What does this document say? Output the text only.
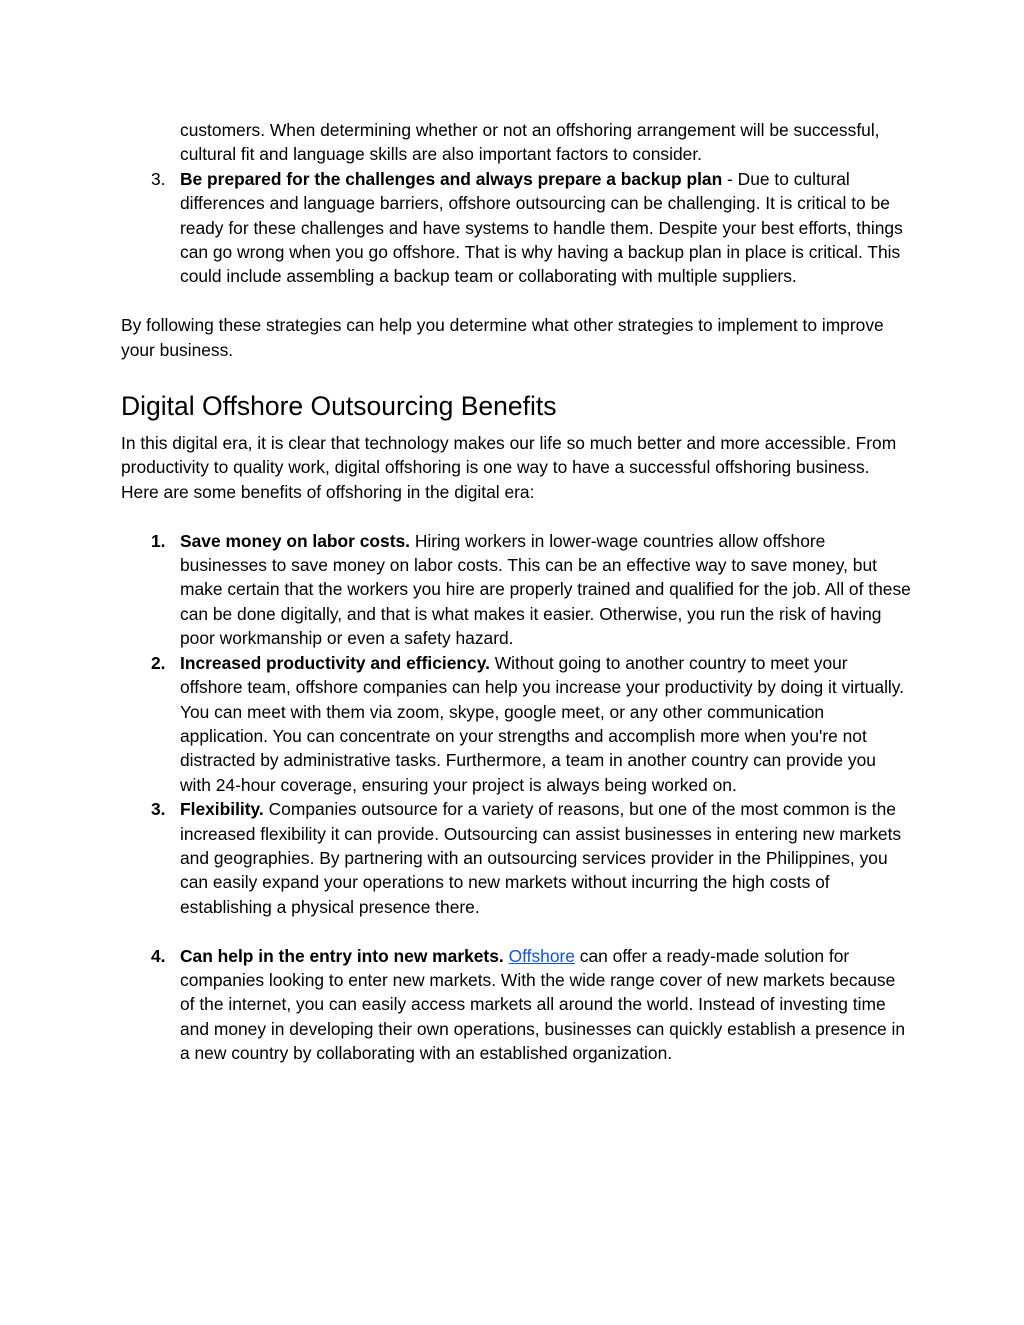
customers. When determining whether or not an offshoring arrangement will be successful, cultural fit and language skills are also important factors to consider.

3. Be prepared for the challenges and always prepare a backup plan - Due to cultural differences and language barriers, offshore outsourcing can be challenging. It is critical to be ready for these challenges and have systems to handle them. Despite your best efforts, things can go wrong when you go offshore. That is why having a backup plan in place is critical. This could include assembling a backup team or collaborating with multiple suppliers.

By following these strategies can help you determine what other strategies to implement to improve your business.

Digital Offshore Outsourcing Benefits

In this digital era, it is clear that technology makes our life so much better and more accessible. From productivity to quality work, digital offshoring is one way to have a successful offshoring business. Here are some benefits of offshoring in the digital era:

1. Save money on labor costs. Hiring workers in lower-wage countries allow offshore businesses to save money on labor costs. This can be an effective way to save money, but make certain that the workers you hire are properly trained and qualified for the job. All of these can be done digitally, and that is what makes it easier. Otherwise, you run the risk of having poor workmanship or even a safety hazard.
2. Increased productivity and efficiency. Without going to another country to meet your offshore team, offshore companies can help you increase your productivity by doing it virtually. You can meet with them via zoom, skype, google meet, or any other communication application. You can concentrate on your strengths and accomplish more when you're not distracted by administrative tasks. Furthermore, a team in another country can provide you with 24-hour coverage, ensuring your project is always being worked on.
3. Flexibility. Companies outsource for a variety of reasons, but one of the most common is the increased flexibility it can provide. Outsourcing can assist businesses in entering new markets and geographies. By partnering with an outsourcing services provider in the Philippines, you can easily expand your operations to new markets without incurring the high costs of establishing a physical presence there.
4. Can help in the entry into new markets. Offshore can offer a ready-made solution for companies looking to enter new markets. With the wide range cover of new markets because of the internet, you can easily access markets all around the world. Instead of investing time and money in developing their own operations, businesses can quickly establish a presence in a new country by collaborating with an established organization.
